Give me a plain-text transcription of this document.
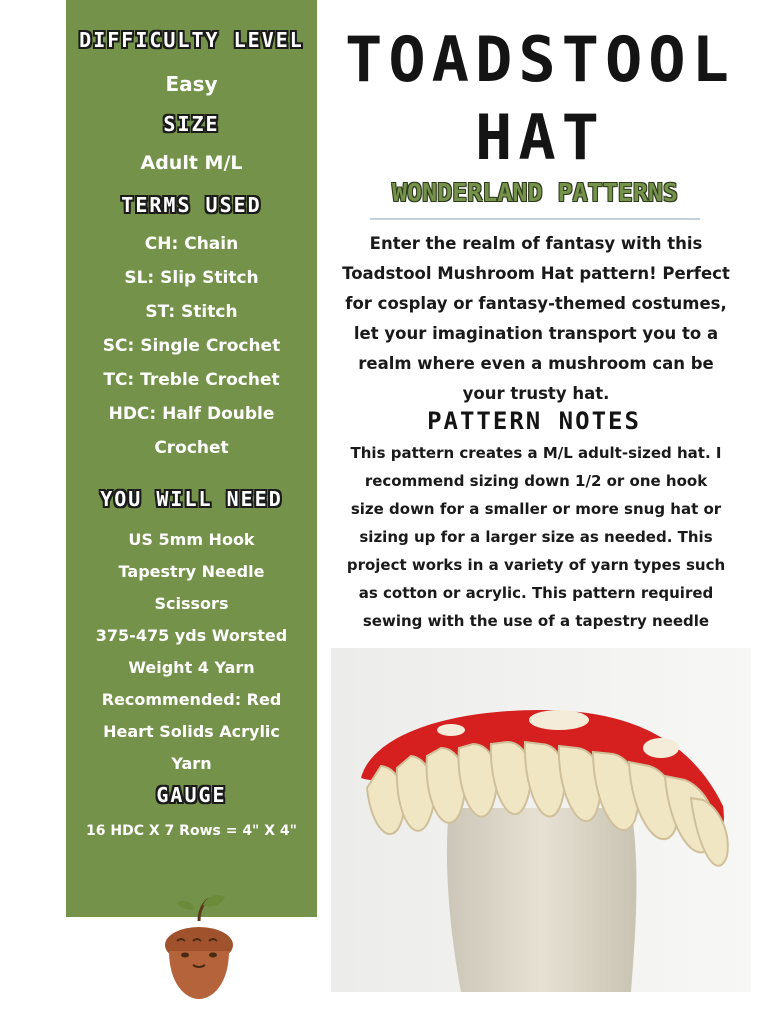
DIFFICULTY LEVEL
Easy
SIZE
Adult M/L
TERMS USED
CH: Chain
SL: Slip Stitch
ST: Stitch
SC: Single Crochet
TC: Treble Crochet
HDC: Half Double
Crochet
YOU WILL NEED
US 5mm Hook
Tapestry Needle
Scissors
375-475 yds Worsted
Weight 4 Yarn
Recommended: Red
Heart Solids Acrylic
Yarn
GAUGE
16 HDC X 7 Rows = 4" X 4"
TOADSTOOL
HAT
WONDERLAND PATTERNS
Enter the realm of fantasy with this
Toadstool Mushroom Hat pattern! Perfect
for cosplay or fantasy-themed costumes,
let your imagination transport you to a
realm where even a mushroom can be
your trusty hat.
PATTERN NOTES
This pattern creates a M/L adult-sized hat. I
recommend sizing down 1/2 or one hook
size down for a smaller or more snug hat or
sizing up for a larger size as needed. This
project works in a variety of yarn types such
as cotton or acrylic. This pattern required
sewing with the use of a tapestry needle
